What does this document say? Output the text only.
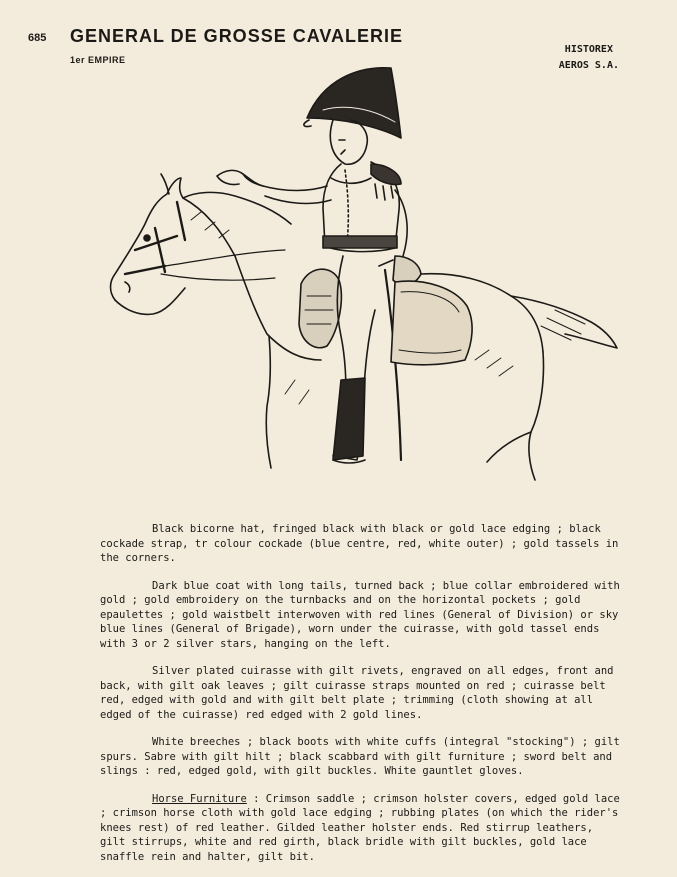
685 GENERAL DE GROSSE CAVALERIE
1er EMPIRE
HISTOREX
AEROS S.A.

Black bicorne hat, fringed black with black or gold lace edging ; black cockade strap, tr colour cockade (blue centre, red, white outer) ; gold tassels in the corners.

Dark blue coat with long tails, turned back ; blue collar embroidered with gold ; gold embroidery on the turnbacks and on the horizontal pockets ; gold epaulettes ; gold waistbelt interwoven with red lines (General of Division) or sky blue lines (General of Brigade), worn under the cuirasse, with gold tassel ends with 3 or 2 silver stars, hanging on the left.

Silver plated cuirasse with gilt rivets, engraved on all edges, front and back, with gilt oak leaves ; gilt cuirasse straps mounted on red ; cuirasse belt red, edged with gold and with gilt belt plate ; trimming (cloth showing at all edged of the cuirasse) red edged with 2 gold lines.

White breeches ; black boots with white cuffs (integral "stocking") ; gilt spurs. Sabre with gilt hilt ; black scabbard with gilt furniture ; sword belt and slings : red, edged gold, with gilt buckles. White gauntlet gloves.

Horse Furniture : Crimson saddle ; crimson holster covers, edged gold lace ; crimson horse cloth with gold lace edging ; rubbing plates (on which the rider's knees rest) of red leather. Gilded leather holster ends. Red stirrup leathers, gilt stirrups, white and red girth, black bridle with gilt buckles, gold lace snaffle rein and halter, gilt bit.
